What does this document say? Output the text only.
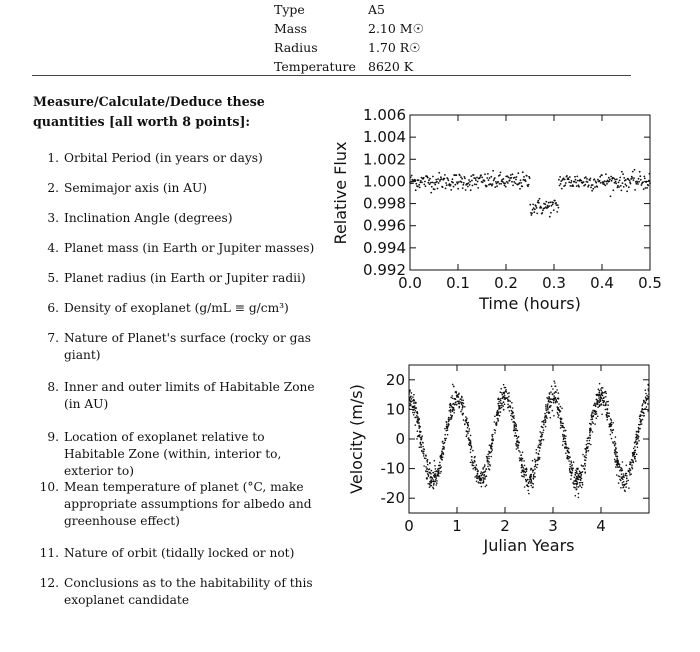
Type	A5
Mass	2.10 M☉
Radius	1.70 R☉
Temperature 8620 K
Measure/Calculate/Deduce these quantities [all worth 8 points]:
1. Orbital Period (in years or days)
2. Semimajor axis (in AU)
3. Inclination Angle (degrees)
4. Planet mass (in Earth or Jupiter masses)
5. Planet radius (in Earth or Jupiter radii)
6. Density of exoplanet (g/mL ≡ g/cm³)
7. Nature of Planet's surface (rocky or gas giant)
8. Inner and outer limits of Habitable Zone (in AU)
9. Location of exoplanet relative to Habitable Zone (within, interior to, exterior to)
10. Mean temperature of planet (°C, make appropriate assumptions for albedo and greenhouse effect)
11. Nature of orbit (tidally locked or not)
12. Conclusions as to the habitability of this exoplanet candidate
0.0 0.1 0.2 0.3 0.4 0.5
1.006
1.004
1.002
1.000
0.998
0.996
0.994
0.992
Time (hours)
Relative Flux
0	1	2	3	4
20
10
0
-10
-20
Julian Years
Velocity (m/s)
